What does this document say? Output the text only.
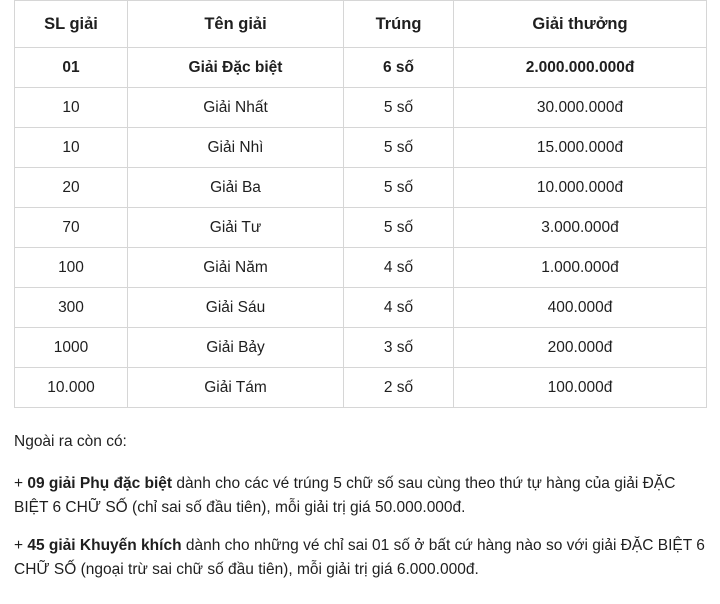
SL giải	Tên giải	Trúng	Giải thưởng
01	Giải Đặc biệt	6 số	2.000.000.000đ
10	Giải Nhất	5 số	30.000.000đ
10	Giải Nhì	5 số	15.000.000đ
20	Giải Ba	5 số	10.000.000đ
70	Giải Tư	5 số	3.000.000đ
100	Giải Năm	4 số	1.000.000đ
300	Giải Sáu	4 số	400.000đ
1000	Giải Bảy	3 số	200.000đ
10.000	Giải Tám	2 số	100.000đ

Ngoài ra còn có:

+ 09 giải Phụ đặc biệt dành cho các vé trúng 5 chữ số sau cùng theo thứ tự hàng của giải ĐẶC BIỆT 6 CHỮ SỐ (chỉ sai số đầu tiên), mỗi giải trị giá 50.000.000đ.

+ 45 giải Khuyến khích dành cho những vé chỉ sai 01 số ở bất cứ hàng nào so với giải ĐẶC BIỆT 6 CHỮ SỐ (ngoại trừ sai chữ số đầu tiên), mỗi giải trị giá 6.000.000đ.
